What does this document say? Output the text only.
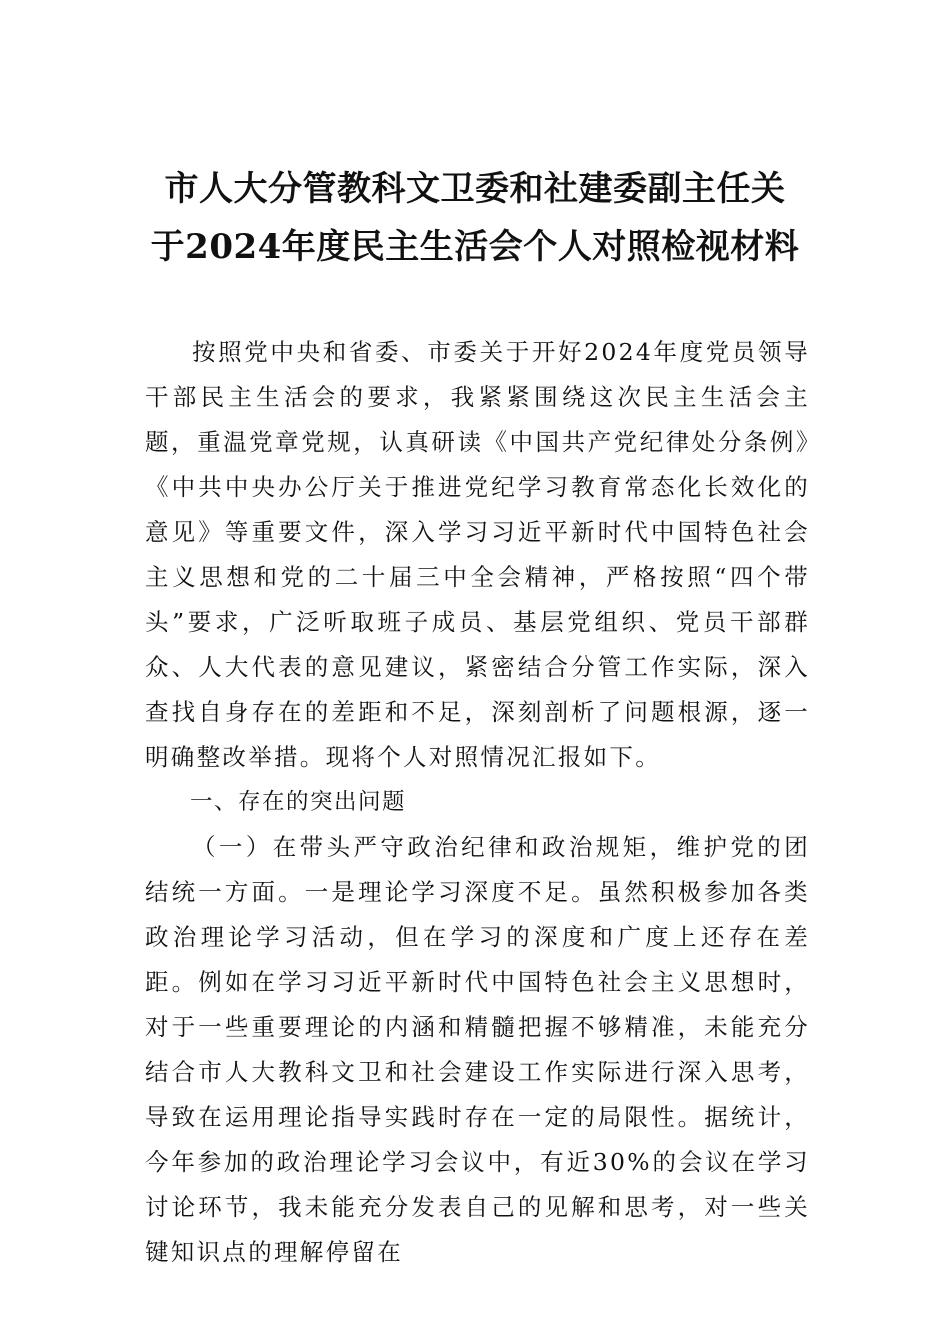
市人大分管教科文卫委和社建委副主任关
于2024年度民主生活会个人对照检视材料

按照党中央和省委、市委关于开好2024年度党员领导干部民主生活会的要求，我紧紧围绕这次民主生活会主题，重温党章党规，认真研读《中国共产党纪律处分条例》《中共中央办公厅关于推进党纪学习教育常态化长效化的意见》等重要文件，深入学习习近平新时代中国特色社会主义思想和党的二十届三中全会精神，严格按照“四个带头”要求，广泛听取班子成员、基层党组织、党员干部群众、人大代表的意见建议，紧密结合分管工作实际，深入查找自身存在的差距和不足，深刻剖析了问题根源，逐一明确整改举措。现将个人对照情况汇报如下。

一、存在的突出问题

（一）在带头严守政治纪律和政治规矩，维护党的团结统一方面。一是理论学习深度不足。虽然积极参加各类政治理论学习活动，但在学习的深度和广度上还存在差距。例如在学习习近平新时代中国特色社会主义思想时，对于一些重要理论的内涵和精髓把握不够精准，未能充分结合市人大教科文卫和社会建设工作实际进行深入思考，导致在运用理论指导实践时存在一定的局限性。据统计，今年参加的政治理论学习会议中，有近30%的会议在学习讨论环节，我未能充分发表自己的见解和思考，对一些关键知识点的理解停留在
